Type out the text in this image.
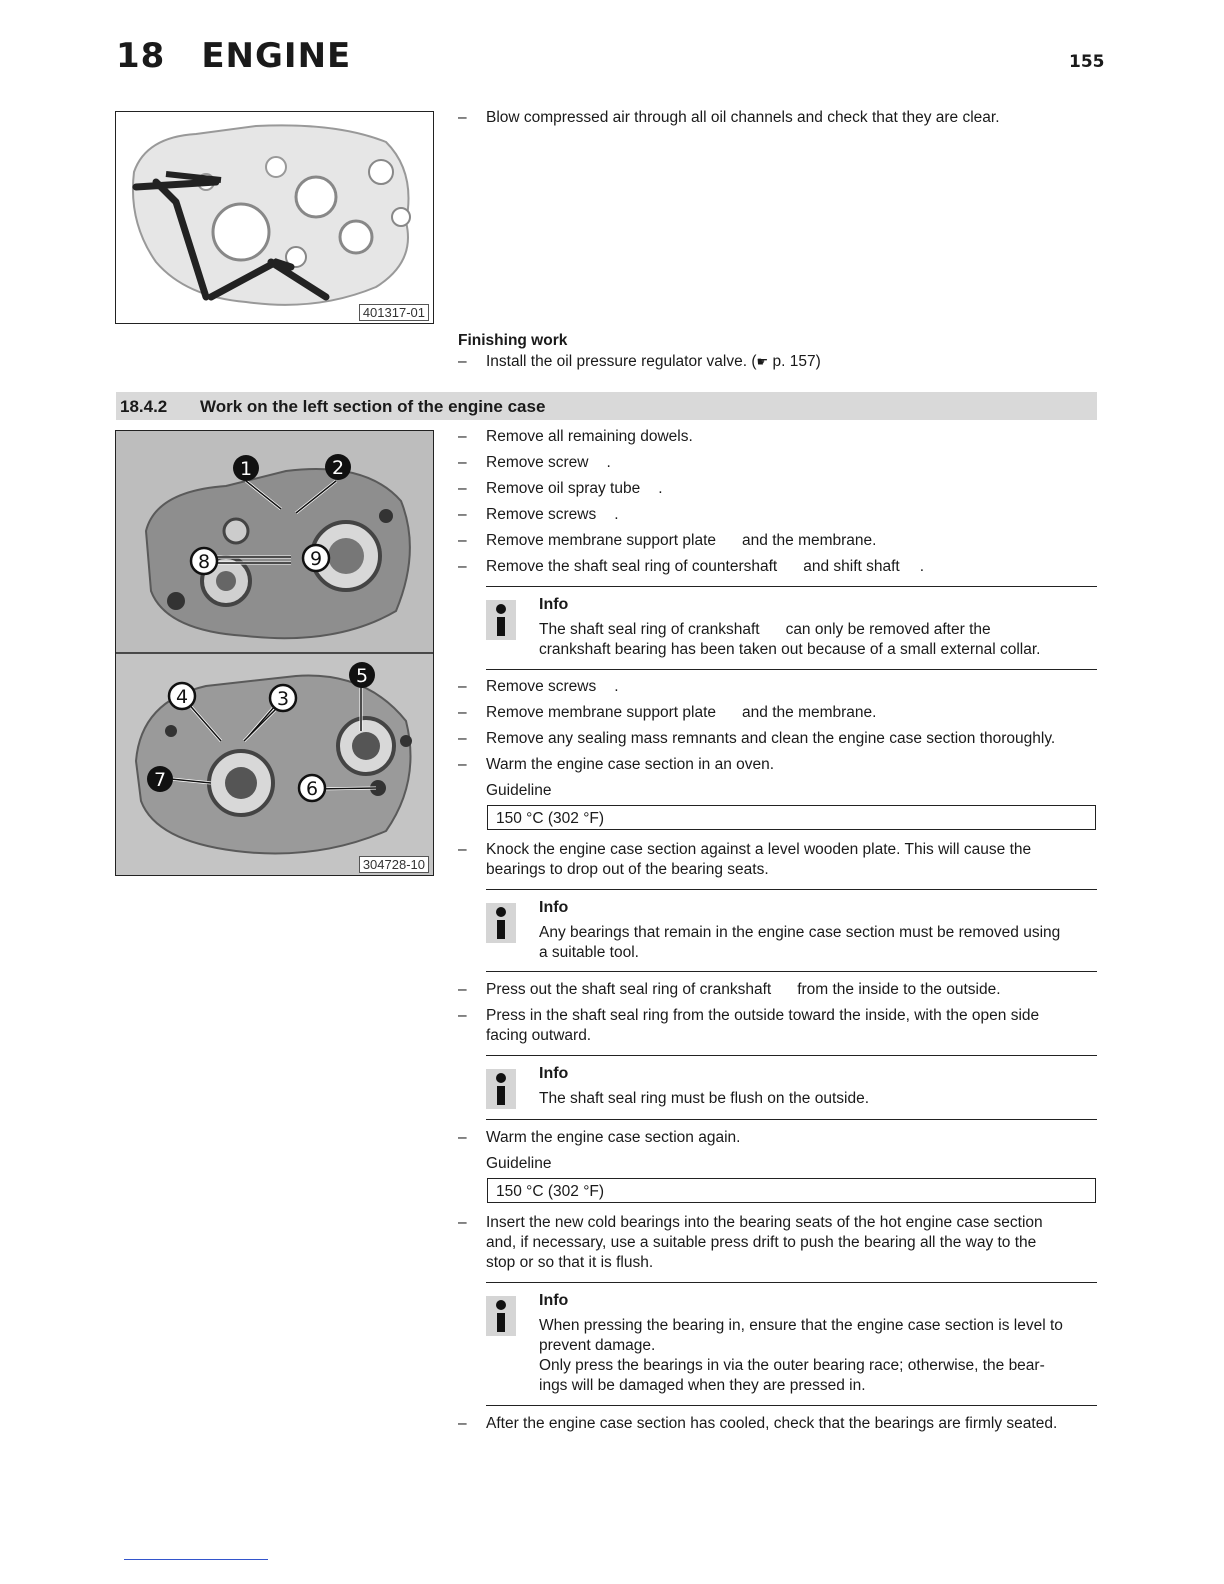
18 ENGINE	155
401317-01
– Blow compressed air through all oil channels and check that they are clear.
Finishing work
– Install the oil pressure regulator valve. (☛ p. 157)
18.4.2 Work on the left section of the engine case
1	2
8	9
4	3
5
7	6
304728-10
– Remove all remaining dowels.
– Remove screw .
– Remove oil spray tube .
– Remove screws .
– Remove membrane support plate and the membrane.
– Remove the shaft seal ring of countershaft and shift shaft .
Info
The shaft seal ring of crankshaft can only be removed after the
crankshaft bearing has been taken out because of a small external collar.
– Remove screws .
– Remove membrane support plate and the membrane.
– Remove any sealing mass remnants and clean the engine case section thoroughly.
– Warm the engine case section in an oven.
Guideline
150 °C (302 °F)
– Knock the engine case section against a level wooden plate. This will cause the
bearings to drop out of the bearing seats.
Info
Any bearings that remain in the engine case section must be removed using
a suitable tool.
– Press out the shaft seal ring of crankshaft from the inside to the outside.
– Press in the shaft seal ring from the outside toward the inside, with the open side
facing outward.
Info
The shaft seal ring must be flush on the outside.
– Warm the engine case section again.
Guideline
150 °C (302 °F)
– Insert the new cold bearings into the bearing seats of the hot engine case section
and, if necessary, use a suitable press drift to push the bearing all the way to the
stop or so that it is flush.
Info
When pressing the bearing in, ensure that the engine case section is level to
prevent damage.
Only press the bearings in via the outer bearing race; otherwise, the bear-
ings will be damaged when they are pressed in.
– After the engine case section has cooled, check that the bearings are firmly seated.
